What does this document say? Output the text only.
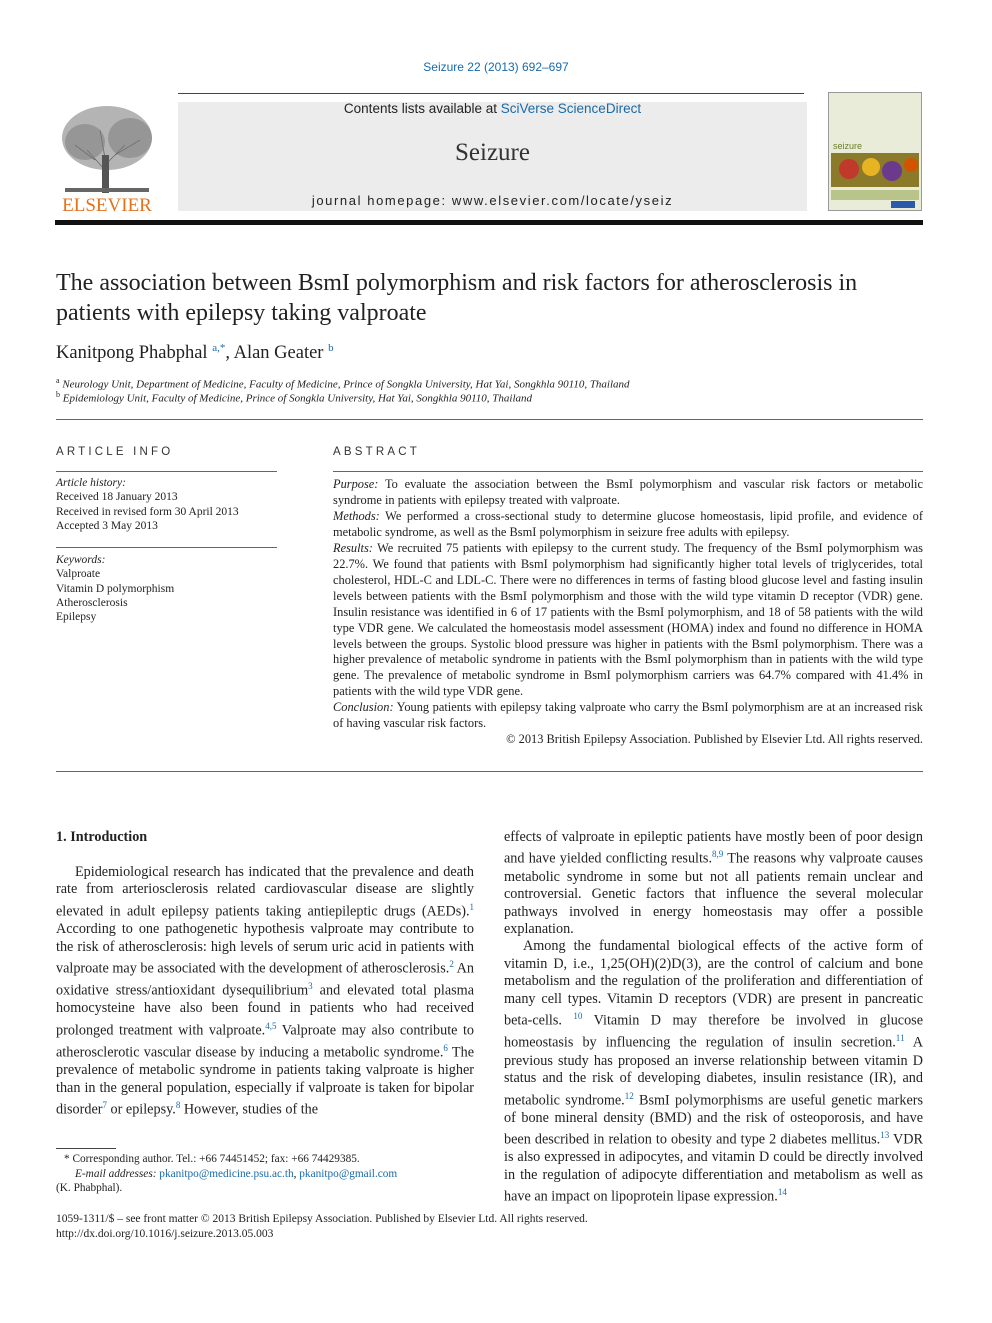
Seizure 22 (2013) 692–697
ELSEVIER
Contents lists available at SciVerse ScienceDirect
Seizure
journal homepage: www.elsevier.com/locate/yseiz
seizure
The association between BsmI polymorphism and risk factors for atherosclerosis in patients with epilepsy taking valproate
Kanitpong Phabphal $^{a,*}$, Alan Geater $^b$
$^a$ Neurology Unit, Department of Medicine, Faculty of Medicine, Prince of Songkla University, Hat Yai, Songkhla 90110, Thailand
$^b$ Epidemiology Unit, Faculty of Medicine, Prince of Songkla University, Hat Yai, Songkhla 90110, Thailand
ARTICLE INFO
Article history:
Received 18 January 2013
Received in revised form 30 April 2013
Accepted 3 May 2013
Keywords:
Valproate
Vitamin D polymorphism
Atherosclerosis
Epilepsy
ABSTRACT

Purpose: To evaluate the association between the BsmI polymorphism and vascular risk factors or metabolic syndrome in patients with epilepsy treated with valproate.

Methods: We performed a cross-sectional study to determine glucose homeostasis, lipid profile, and evidence of metabolic syndrome, as well as the BsmI polymorphism in seizure free adults with epilepsy.

Results: We recruited 75 patients with epilepsy to the current study. The frequency of the BsmI polymorphism was 22.7%. We found that patients with BsmI polymorphism had significantly higher total levels of triglycerides, total cholesterol, HDL-C and LDL-C. There were no differences in terms of fasting blood glucose level and fasting insulin levels between patients with the BsmI polymorphism and those with the wild type vitamin D receptor (VDR) gene. Insulin resistance was identified in 6 of 17 patients with the BsmI polymorphism, and 18 of 58 patients with the wild type VDR gene. We calculated the homeostasis model assessment (HOMA) index and found no difference in HOMA levels between the groups. Systolic blood pressure was higher in patients with the BsmI polymorphism. There was a higher prevalence of metabolic syndrome in patients with the BsmI polymorphism than in patients with the wild type gene. The prevalence of metabolic syndrome in BsmI polymorphism carriers was 64.7% compared with 41.4% in patients with the wild type VDR gene.

Conclusion: Young patients with epilepsy taking valproate who carry the BsmI polymorphism are at an increased risk of having vascular risk factors.

© 2013 British Epilepsy Association. Published by Elsevier Ltd. All rights reserved.

1. Introduction

Epidemiological research has indicated that the prevalence and death rate from arteriosclerosis related cardiovascular disease are slightly elevated in adult epilepsy patients taking antiepileptic drugs (AEDs).$^1$ According to one pathogenetic hypothesis valproate may contribute to the risk of atherosclerosis: high levels of serum uric acid in patients with valproate may be associated with the development of atherosclerosis.$^2$ An oxidative stress/antioxidant dysequilibrium$^3$ and elevated total plasma homocysteine have also been found in patients who had received prolonged treatment with valproate.$^{4,5}$ Valproate may also contribute to atherosclerotic vascular disease by inducing a metabolic syndrome.$^6$ The prevalence of metabolic syndrome in patients taking valproate is higher than in the general population, especially if valproate is taken for bipolar disorder$^7$ or epilepsy.$^8$ However, studies of the

effects of valproate in epileptic patients have mostly been of poor design and have yielded conflicting results.$^{8,9}$ The reasons why valproate causes metabolic syndrome in some but not all patients remain unclear and controversial. Genetic factors that influence the several molecular pathways involved in energy homeostasis may offer a possible explanation.

Among the fundamental biological effects of the active form of vitamin D, i.e., 1,25(OH)(2)D(3), are the control of calcium and bone metabolism and the regulation of the proliferation and differentiation of many cell types. Vitamin D receptors (VDR) are present in pancreatic beta-cells. $^{10}$ Vitamin D may therefore be involved in glucose homeostasis by influencing the regulation of insulin secretion.$^{11}$ A previous study has proposed an inverse relationship between vitamin D status and the risk of developing diabetes, insulin resistance (IR), and metabolic syndrome.$^{12}$ BsmI polymorphisms are useful genetic markers of bone mineral density (BMD) and the risk of osteoporosis, and have been described in relation to obesity and type 2 diabetes mellitus.$^{13}$ VDR is also expressed in adipocytes, and vitamin D could be directly involved in the regulation of adipocyte differentiation and metabolism as well as have an impact on lipoprotein lipase expression.$^{14}$

* Corresponding author. Tel.: +66 74451452; fax: +66 74429385.
E-mail addresses: pkanitpo@medicine.psu.ac.th, pkanitpo@gmail.com
(K. Phabphal).
1059-1311/$ – see front matter © 2013 British Epilepsy Association. Published by Elsevier Ltd. All rights reserved.
http://dx.doi.org/10.1016/j.seizure.2013.05.003
